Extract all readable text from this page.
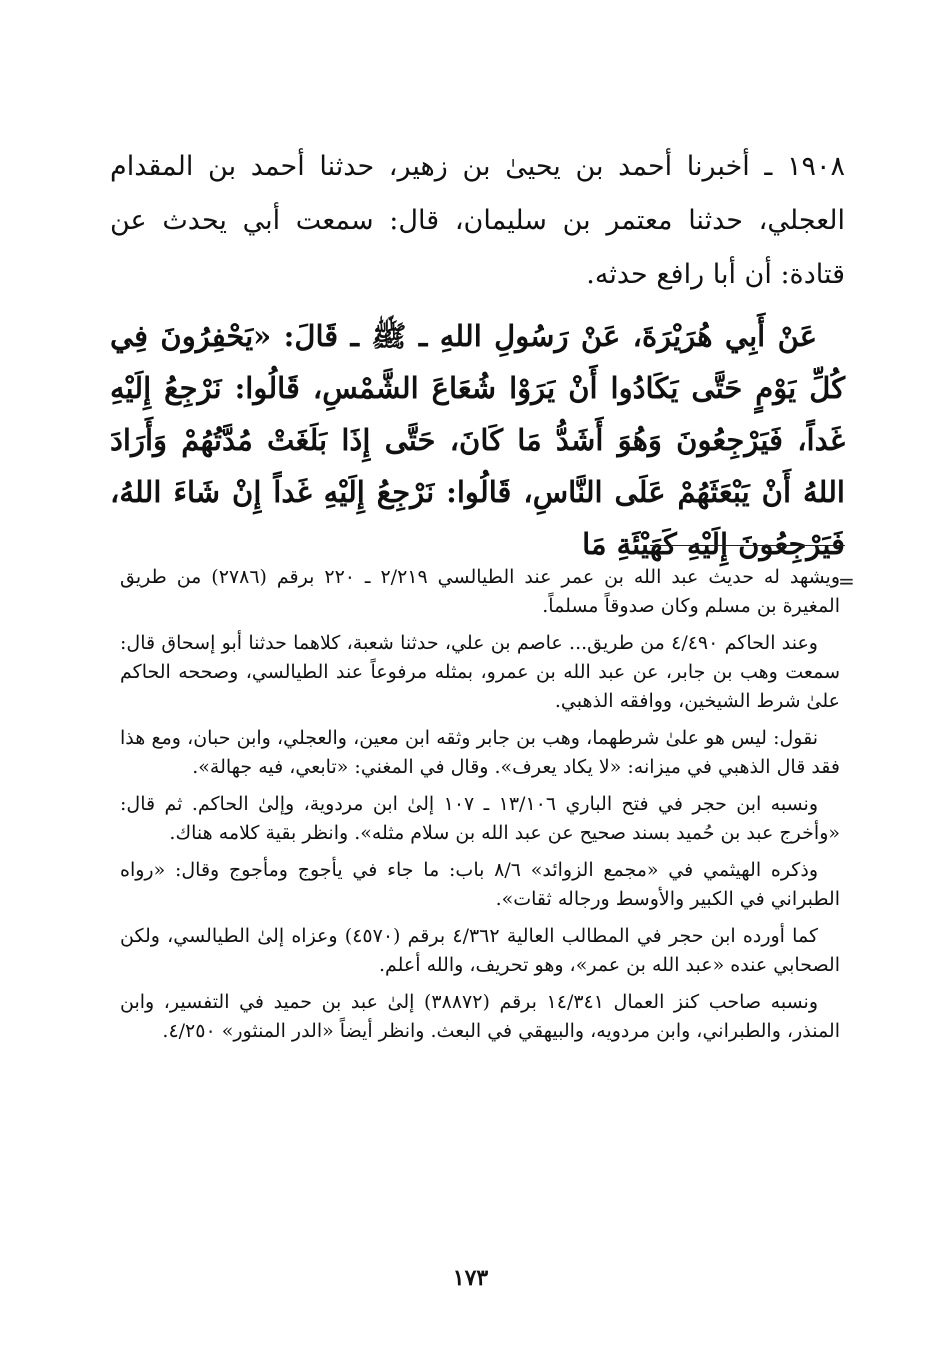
١٩٠٨ ـ أخبرنا أحمد بن يحيىٰ بن زهير، حدثنا أحمد بن المقدام العجلي، حدثنا معتمر بن سليمان، قال: سمعت أبي يحدث عن قتادة: أن أبا رافع حدثه.
عَنْ أَبِي هُرَيْرَةَ، عَنْ رَسُولِ اللهِ ـ ﷺ ـ قَالَ: «يَحْفِرُونَ فِي كُلِّ يَوْمٍ حَتَّى يَكَادُوا أَنْ يَرَوْا شُعَاعَ الشَّمْسِ، قَالُوا: نَرْجِعُ إِلَيْهِ غَداً، فَيَرْجِعُونَ وَهُوَ أَشَدُّ مَا كَانَ، حَتَّى إِذَا بَلَغَتْ مُدَّتُهُمْ وَأَرَادَ اللهُ أَنْ يَبْعَثَهُمْ عَلَى النَّاسِ، قَالُوا: نَرْجِعُ إِلَيْهِ غَداً إِنْ شَاءَ اللهُ، فَيَرْجِعُونَ إِلَيْهِ كَهَيْئَةِ مَا
=

ويشهد له حديث عبد الله بن عمر عند الطيالسي ٢/٢١٩ ـ ٢٢٠ برقم (٢٧٨٦) من طريق المغيرة بن مسلم وكان صدوقاً مسلماً.

وعند الحاكم ٤/٤٩٠ من طريق... عاصم بن علي، حدثنا شعبة، كلاهما حدثنا أبو إسحاق قال: سمعت وهب بن جابر، عن عبد الله بن عمرو، بمثله مرفوعاً عند الطيالسي، وصححه الحاكم علىٰ شرط الشيخين، ووافقه الذهبي.

نقول: ليس هو علىٰ شرطهما، وهب بن جابر وثقه ابن معين، والعجلي، وابن حبان، ومع هذا فقد قال الذهبي في ميزانه: «لا يكاد يعرف». وقال في المغني: «تابعي، فيه جهالة».

ونسبه ابن حجر في فتح الباري ١٣/١٠٦ ـ ١٠٧ إلىٰ ابن مردوية، وإلىٰ الحاكم. ثم قال: «وأخرج عبد بن حُميد بسند صحيح عن عبد الله بن سلام مثله». وانظر بقية كلامه هناك.

وذكره الهيثمي في «مجمع الزوائد» ٨/٦ باب: ما جاء في يأجوج ومأجوج وقال: «رواه الطبراني في الكبير والأوسط ورجاله ثقات».

كما أورده ابن حجر في المطالب العالية ٤/٣٦٢ برقم (٤٥٧٠) وعزاه إلىٰ الطيالسي، ولكن الصحابي عنده «عبد الله بن عمر»، وهو تحريف، والله أعلم.

ونسبه صاحب كنز العمال ١٤/٣٤١ برقم (٣٨٨٧٢) إلىٰ عبد بن حميد في التفسير، وابن المنذر، والطبراني، وابن مردويه، والبيهقي في البعث. وانظر أيضاً «الدر المنثور» ٤/٢٥٠.

١٧٣
